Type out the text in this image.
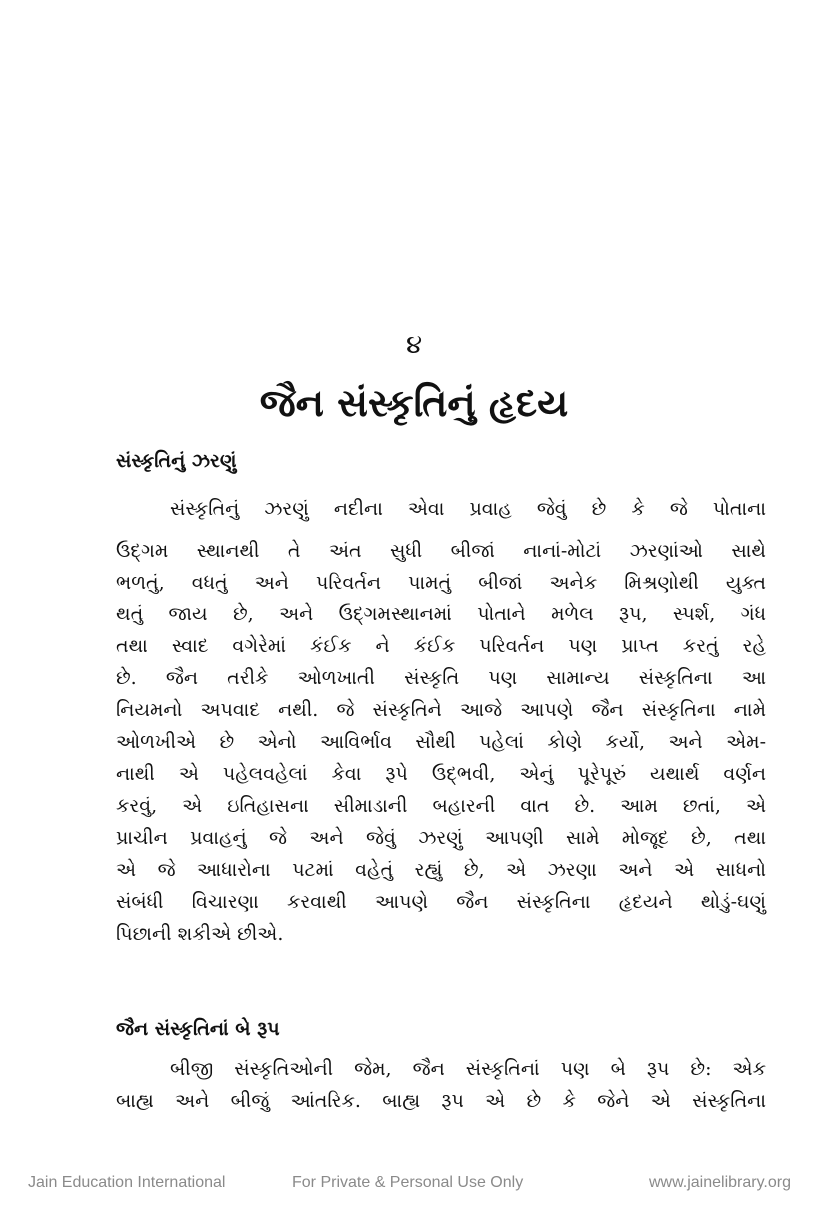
૪
જૈન સંસ્કૃતિનું હૃદય
સંસ્કૃતિનું ઝરણું
સંસ્કૃતિનું ઝરણું નદીના એવા પ્રવાહ જેવું છે કે જે પોતાના
ઉદ્ગમ સ્થાનથી તે અંત સુધી બીજાં નાનાં-મોટાં ઝરણાંઓ સાથે
ભળતું, વધતું અને પરિવર્તન પામતું બીજાં અનેક મિશ્રણોથી યુક્ત
થતું જાય છે, અને ઉદ્ગમસ્થાનમાં પોતાને મળેલ રૂપ, સ્પર્શ, ગંધ
તથા સ્વાદ વગેરેમાં કંઈક ને કંઈક પરિવર્તન પણ પ્રાપ્ત કરતું રહે
છે. જૈન તરીકે ઓળખાતી સંસ્કૃતિ પણ સામાન્ય સંસ્કૃતિના આ
નિયમનો અપવાદ નથી. જે સંસ્કૃતિને આજે આપણે જૈન સંસ્કૃતિના નામે
ઓળખીએ છે એનો આવિર્ભાવ સૌથી પહેલાં કોણે કર્યો, અને એમ-
નાથી એ પહેલવહેલાં કેવા રૂપે ઉદ્ભવી, એનું પૂરેપૂરું યથાર્થ વર્ણન
કરવું, એ ઇતિહાસના સીમાડાની બહારની વાત છે. આમ છતાં, એ
પ્રાચીન પ્રવાહનું જે અને જેવું ઝરણું આપણી સામે મોજૂદ છે, તથા
એ જે આધારોના પટમાં વહેતું રહ્યું છે, એ ઝરણા અને એ સાધનો
સંબંધી વિચારણા કરવાથી આપણે જૈન સંસ્કૃતિના હૃદયને થોડું-ઘણું
પિછાની શકીએ છીએ.
જૈન સંસ્કૃતિનાં બે રૂપ
બીજી સંસ્કૃતિઓની જેમ, જૈન સંસ્કૃતિનાં પણ બે રૂપ છે: એક
બાહ્ય અને બીજું આંતરિક. બાહ્ય રૂપ એ છે કે જેને એ સંસ્કૃતિના
Jain Education International	For Private & Personal Use Only	www.jainelibrary.org
